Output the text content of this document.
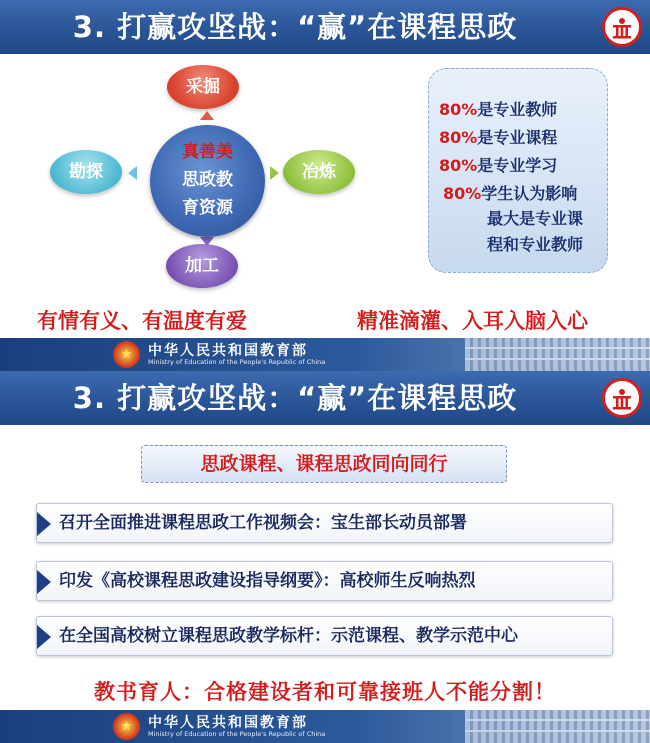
3. 打赢攻坚战：“赢”在课程思政
采掘
勘探	冶炼
加工
真善美
思政教
育资源
80%是专业教师
80%是专业课程
80%是专业学习
80%学生认为影响
最大是专业课
程和专业教师
有情有义、有温度有爱	精准滴灌、入耳入脑入心
★
中华人民共和国教育部
Ministry of Education of the People's Republic of China
3. 打赢攻坚战：“赢”在课程思政
思政课程、课程思政同向同行
召开全面推进课程思政工作视频会：宝生部长动员部署
印发《高校课程思政建设指导纲要》：高校师生反响热烈
在全国高校树立课程思政教学标杆：示范课程、教学示范中心
教书育人：合格建设者和可靠接班人不能分割！
★
中华人民共和国教育部
Ministry of Education of the People's Republic of China
